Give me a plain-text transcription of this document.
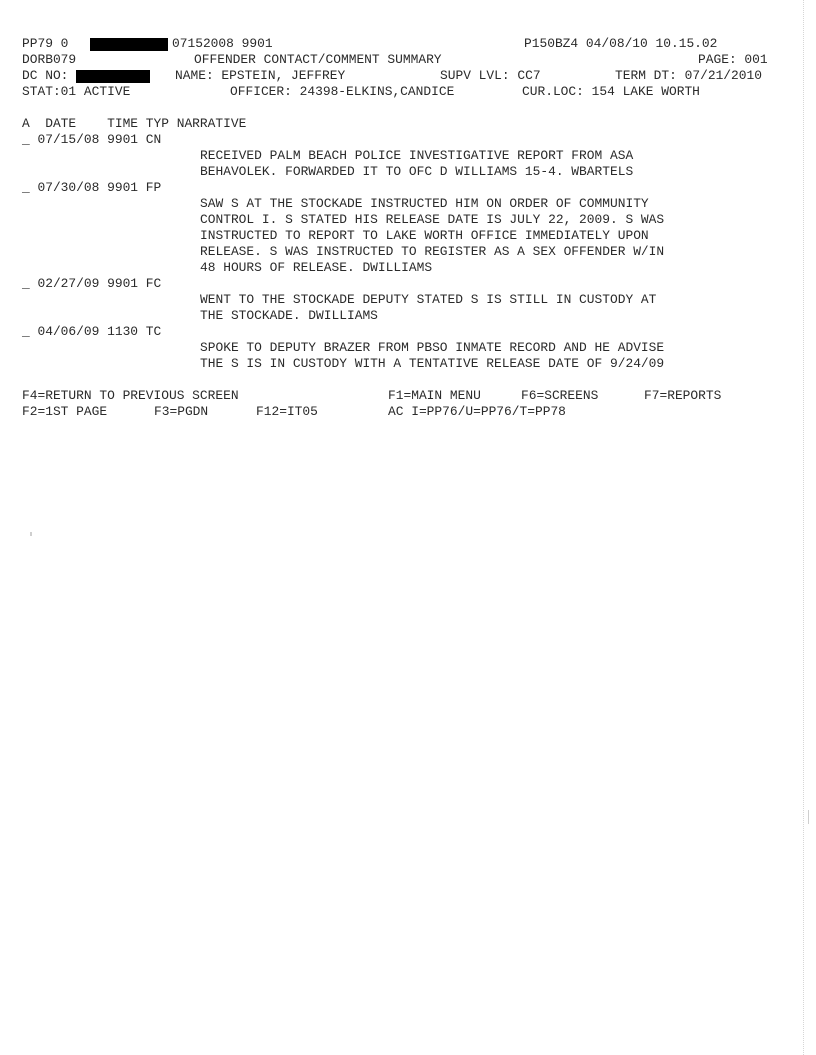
PP79 0

	07152008 9901

	P150BZ4 04/08/10 10.15.02

DORB079

	OFFENDER CONTACT/COMMENT SUMMARY

	PAGE: 001

DC NO:

	NAME: EPSTEIN, JEFFREY

	SUPV LVL: CC7

	TERM DT: 07/21/2010

STAT:01 ACTIVE

	OFFICER: 24398-ELKINS,CANDICE

	CUR.LOC: 154 LAKE WORTH

A  DATE    TIME TYP NARRATIVE
_ 07/15/08 9901 CN
RECEIVED PALM BEACH POLICE INVESTIGATIVE REPORT FROM ASA
BEHAVOLEK. FORWARDED IT TO OFC D WILLIAMS 15-4. WBARTELS
_ 07/30/08 9901 FP
SAW S AT THE STOCKADE INSTRUCTED HIM ON ORDER OF COMMUNITY
CONTROL I. S STATED HIS RELEASE DATE IS JULY 22, 2009. S WAS
INSTRUCTED TO REPORT TO LAKE WORTH OFFICE IMMEDIATELY UPON
RELEASE. S WAS INSTRUCTED TO REGISTER AS A SEX OFFENDER W/IN
48 HOURS OF RELEASE. DWILLIAMS
_ 02/27/09 9901 FC
WENT TO THE STOCKADE DEPUTY STATED S IS STILL IN CUSTODY AT
THE STOCKADE. DWILLIAMS
_ 04/06/09 1130 TC
SPOKE TO DEPUTY BRAZER FROM PBSO INMATE RECORD AND HE ADVISE
THE S IS IN CUSTODY WITH A TENTATIVE RELEASE DATE OF 9/24/09

F4=RETURN TO PREVIOUS SCREEN

	F1=MAIN MENU

	F6=SCREENS

	F7=REPORTS

F2=1ST PAGE

	F3=PGDN

	F12=IT05

	AC I=PP76/U=PP76/T=PP78
